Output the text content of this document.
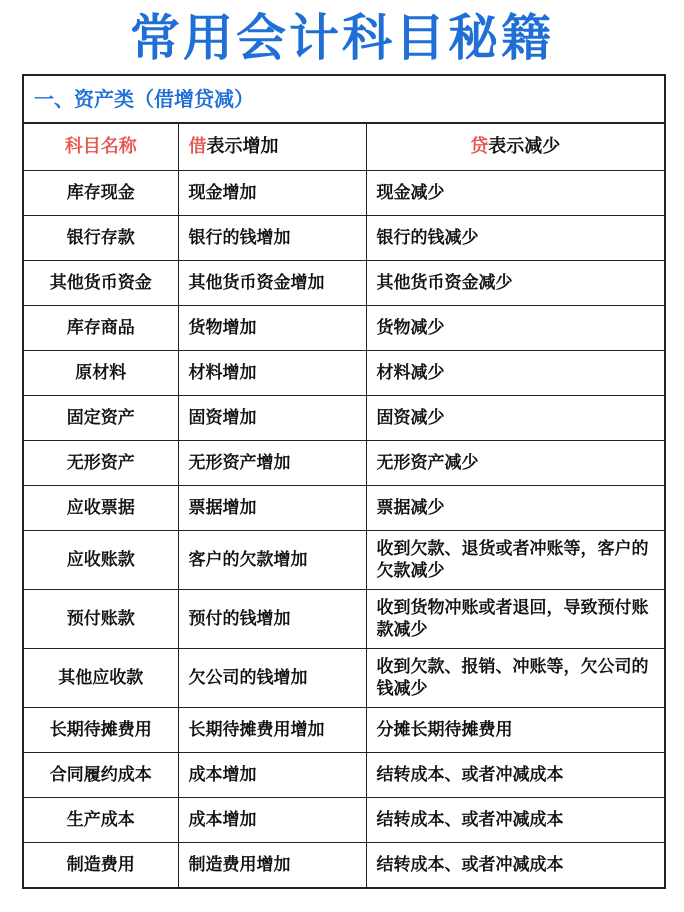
常用会计科目秘籍
一、资产类（借增贷减）
科目名称	借表示增加	贷表示减少
库存现金	现金增加	现金减少
银行存款	银行的钱增加	银行的钱减少
其他货币资金	其他货币资金增加	其他货币资金减少
库存商品	货物增加	货物减少
原材料	材料增加	材料减少
固定资产	固资增加	固资减少
无形资产	无形资产增加	无形资产减少
应收票据	票据增加	票据减少
应收账款	客户的欠款增加	收到欠款、退货或者冲账等，客户的欠款减少
预付账款	预付的钱增加	收到货物冲账或者退回，导致预付账款减少
其他应收款	欠公司的钱增加	收到欠款、报销、冲账等，欠公司的钱减少
长期待摊费用	长期待摊费用增加	分摊长期待摊费用
合同履约成本	成本增加	结转成本、或者冲减成本
生产成本	成本增加	结转成本、或者冲减成本
制造费用	制造费用增加	结转成本、或者冲减成本
